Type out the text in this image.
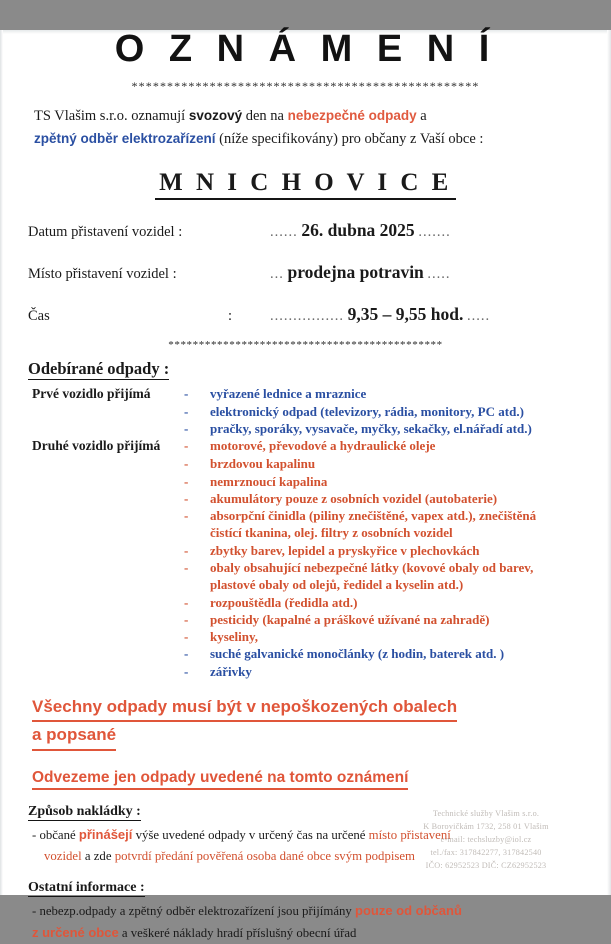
O Z N Á M E N Í
*************************************************
TS Vlašim s.r.o. oznamují svozový den na nebezpečné odpady a
zpětný odběr elektrozařízení (níže specifikovány) pro občany z Vaší obce :
M N I C H O V I C E
Datum přistavení vozidel :	...... 26. dubna 2025 .......
Místo přistavení vozidel :	... prodejna potravin .....
Čas	:	................ 9,35 – 9,55 hod. .....
*********************************************
Odebírané odpady :
Prvé vozidlo přijímá	-	vyřazené lednice a mraznice
-	elektronický odpad (televizory, rádia, monitory, PC atd.)
-	pračky, sporáky, vysavače, myčky, sekačky, el.nářadí atd.)
Druhé vozidlo přijímá	-	motorové, převodové a hydraulické oleje
-	brzdovou kapalinu
-	nemrznoucí kapalina
-	akumulátory pouze z osobních vozidel (autobaterie)
-	absorpční činidla (piliny znečištěné, vapex atd.), znečištěná
čistící tkanina, olej. filtry z osobních vozidel
-	zbytky barev, lepidel a pryskyřice v plechovkách
-	obaly obsahující nebezpečné látky (kovové obaly od barev,
plastové obaly od olejů, ředidel a kyselin atd.)
-	rozpouštědla (ředidla atd.)
-	pesticidy (kapalné a práškové užívané na zahradě)
-	kyseliny,
-	suché galvanické monočlánky (z hodin, baterek atd. )
-	zářivky
Všechny odpady musí být v nepoškozených obalech
a popsané
Odvezeme jen odpady uvedené na tomto oznámení
Způsob nakládky :
- občané přinášejí výše uvedené odpady v určený čas na určené místo přistavení
vozidel a zde potvrdí předání pověřená osoba dané obce svým podpisem
Ostatní informace :
- nebezp.odpady a zpětný odběr elektrozařízení jsou přijímány pouze od občanů
z určené obce a veškeré náklady hradí příslušný obecní úřad
Technické služby Vlašim s.r.o.
K Borovičkám 1732, 258 01 Vlašim
e-mail: techsluzby@iol.cz
tel./fax: 317842277, 317842540
IČO: 62952523 DIČ: CZ62952523
